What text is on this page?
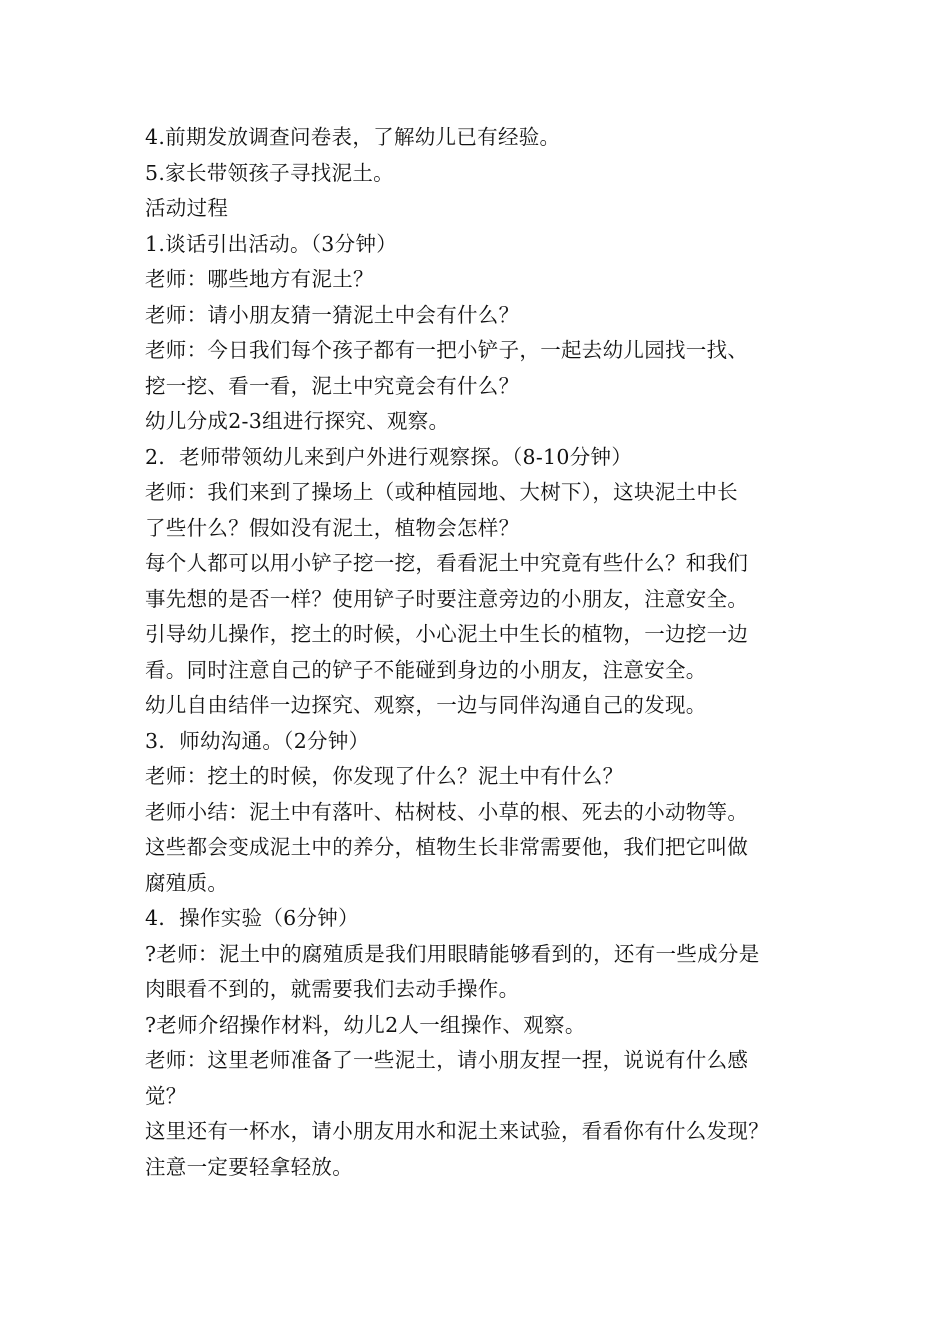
4.前期发放调查问卷表，了解幼儿已有经验。
5.家长带领孩子寻找泥土。
活动过程
1.谈话引出活动。（3分钟）
老师：哪些地方有泥土？
老师：请小朋友猜一猜泥土中会有什么？
老师：今日我们每个孩子都有一把小铲子，一起去幼儿园找一找、
挖一挖、看一看，泥土中究竟会有什么？
幼儿分成2-3组进行探究、观察。
2．老师带领幼儿来到户外进行观察探。（8-10分钟）
老师：我们来到了操场上（或种植园地、大树下），这块泥土中长
了些什么？假如没有泥土，植物会怎样？
每个人都可以用小铲子挖一挖，看看泥土中究竟有些什么？和我们
事先想的是否一样？使用铲子时要注意旁边的小朋友，注意安全。
引导幼儿操作，挖土的时候，小心泥土中生长的植物，一边挖一边
看。同时注意自己的铲子不能碰到身边的小朋友，注意安全。
幼儿自由结伴一边探究、观察，一边与同伴沟通自己的发现。
3．师幼沟通。（2分钟）
老师：挖土的时候，你发现了什么？泥土中有什么？
老师小结：泥土中有落叶、枯树枝、小草的根、死去的小动物等。
这些都会变成泥土中的养分，植物生长非常需要他，我们把它叫做
腐殖质。
4．操作实验（6分钟）
?老师：泥土中的腐殖质是我们用眼睛能够看到的，还有一些成分是
肉眼看不到的，就需要我们去动手操作。
?老师介绍操作材料，幼儿2人一组操作、观察。
老师：这里老师准备了一些泥土，请小朋友捏一捏，说说有什么感
觉？
这里还有一杯水，请小朋友用水和泥土来试验，看看你有什么发现？
注意一定要轻拿轻放。
